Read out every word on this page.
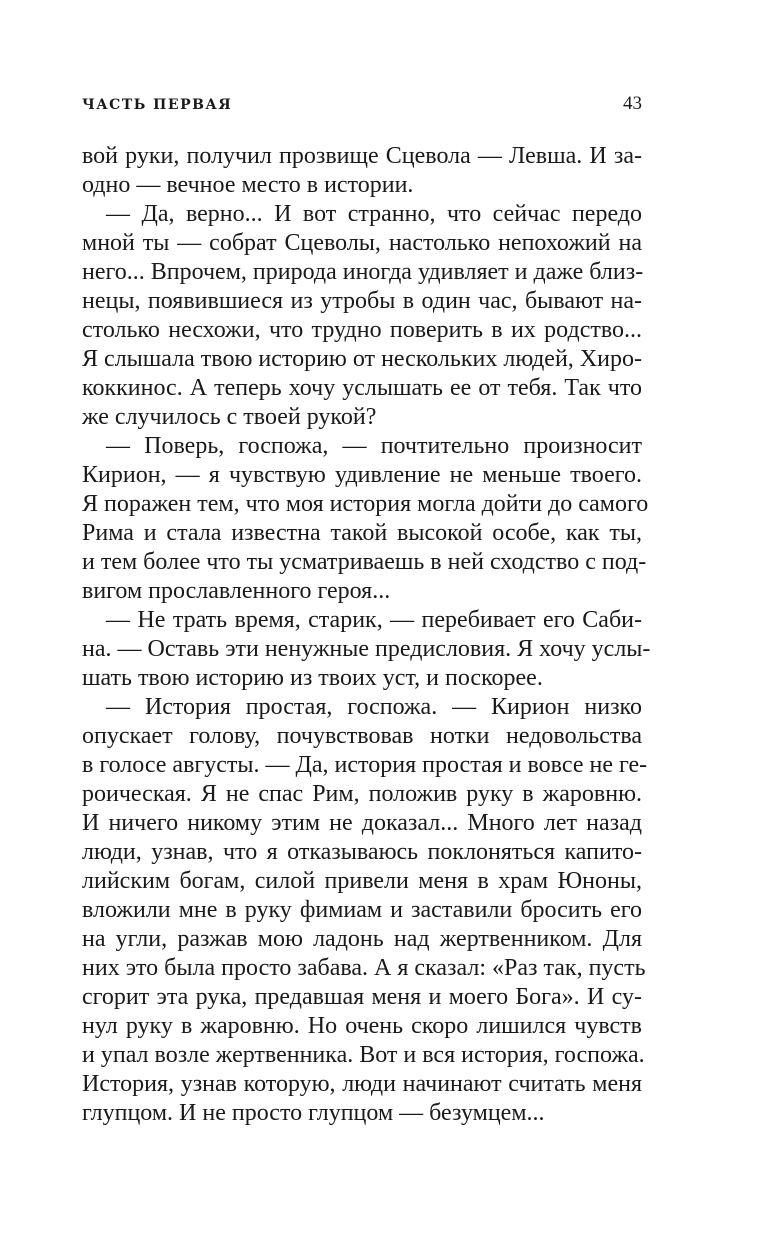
ЧАСТЬ ПЕРВАЯ	43
вой руки, получил прозвище Сцевола — Левша. И за-
одно — вечное место в истории.
— Да, верно... И вот странно, что сейчас передо
мной ты — собрат Сцеволы, настолько непохожий на
него... Впрочем, природа иногда удивляет и даже близ-
нецы, появившиеся из утробы в один час, бывают на-
столько несхожи, что трудно поверить в их родство...
Я слышала твою историю от нескольких людей, Хиро-
коккинос. А теперь хочу услышать ее от тебя. Так что
же случилось с твоей рукой?
— Поверь, госпожа, — почтительно произносит
Кирион, — я чувствую удивление не меньше твоего.
Я поражен тем, что моя история могла дойти до самого
Рима и стала известна такой высокой особе, как ты,
и тем более что ты усматриваешь в ней сходство с под-
вигом прославленного героя...
— Не трать время, старик, — перебивает его Саби-
на. — Оставь эти ненужные предисловия. Я хочу услы-
шать твою историю из твоих уст, и поскорее.
— История простая, госпожа. — Кирион низко
опускает голову, почувствовав нотки недовольства
в голосе августы. — Да, история простая и вовсе не ге-
роическая. Я не спас Рим, положив руку в жаровню.
И ничего никому этим не доказал... Много лет назад
люди, узнав, что я отказываюсь поклоняться капито-
лийским богам, силой привели меня в храм Юноны,
вложили мне в руку фимиам и заставили бросить его
на угли, разжав мою ладонь над жертвенником. Для
них это была просто забава. А я сказал: «Раз так, пусть
сгорит эта рука, предавшая меня и моего Бога». И су-
нул руку в жаровню. Но очень скоро лишился чувств
и упал возле жертвенника. Вот и вся история, госпожа.
История, узнав которую, люди начинают считать меня
глупцом. И не просто глупцом — безумцем...
